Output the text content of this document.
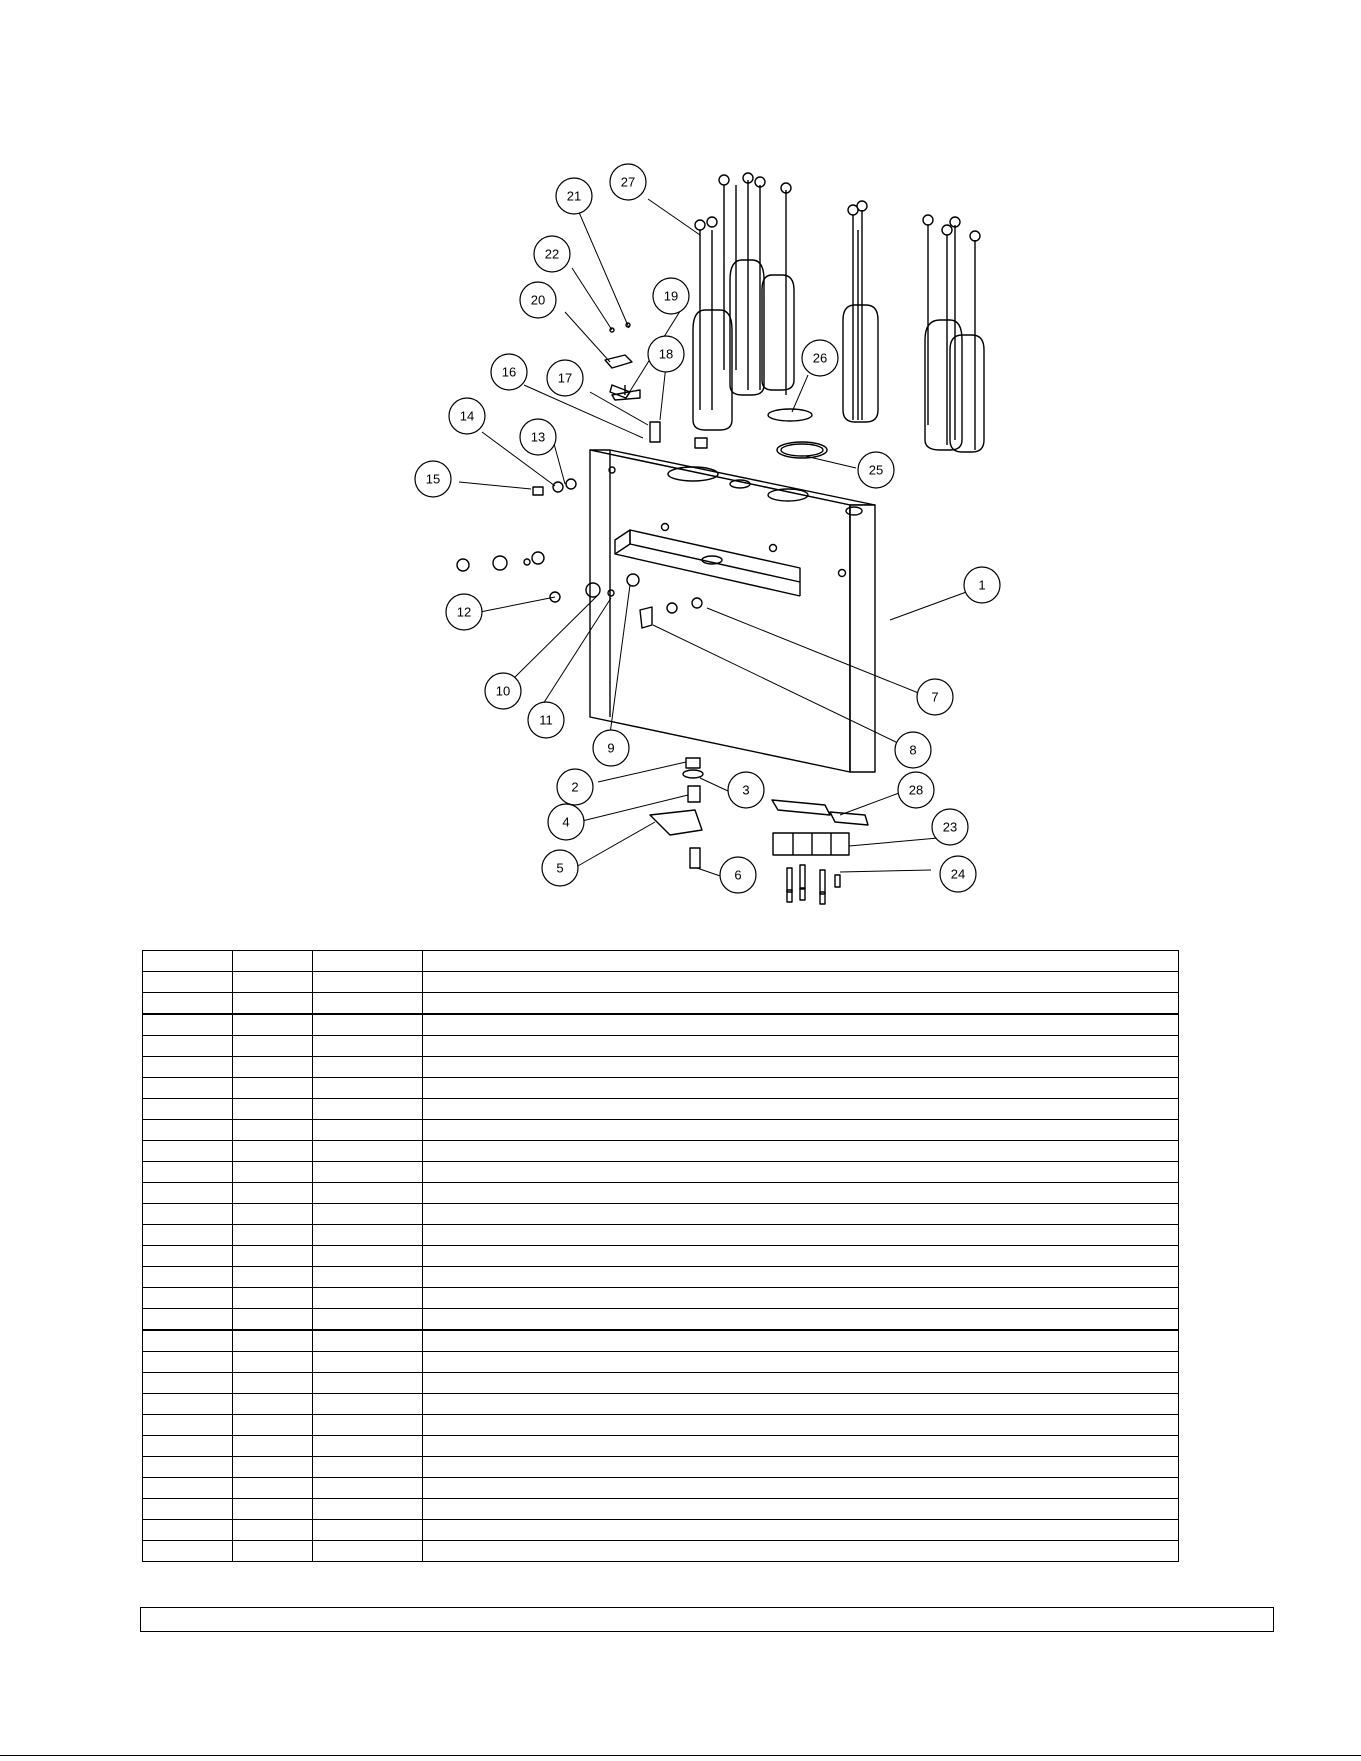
1
2	3
4
5	6
7
8
9
10
11
12
13
14
15
16	17
18
19
20
21
22
23
24
25
26
27
28
